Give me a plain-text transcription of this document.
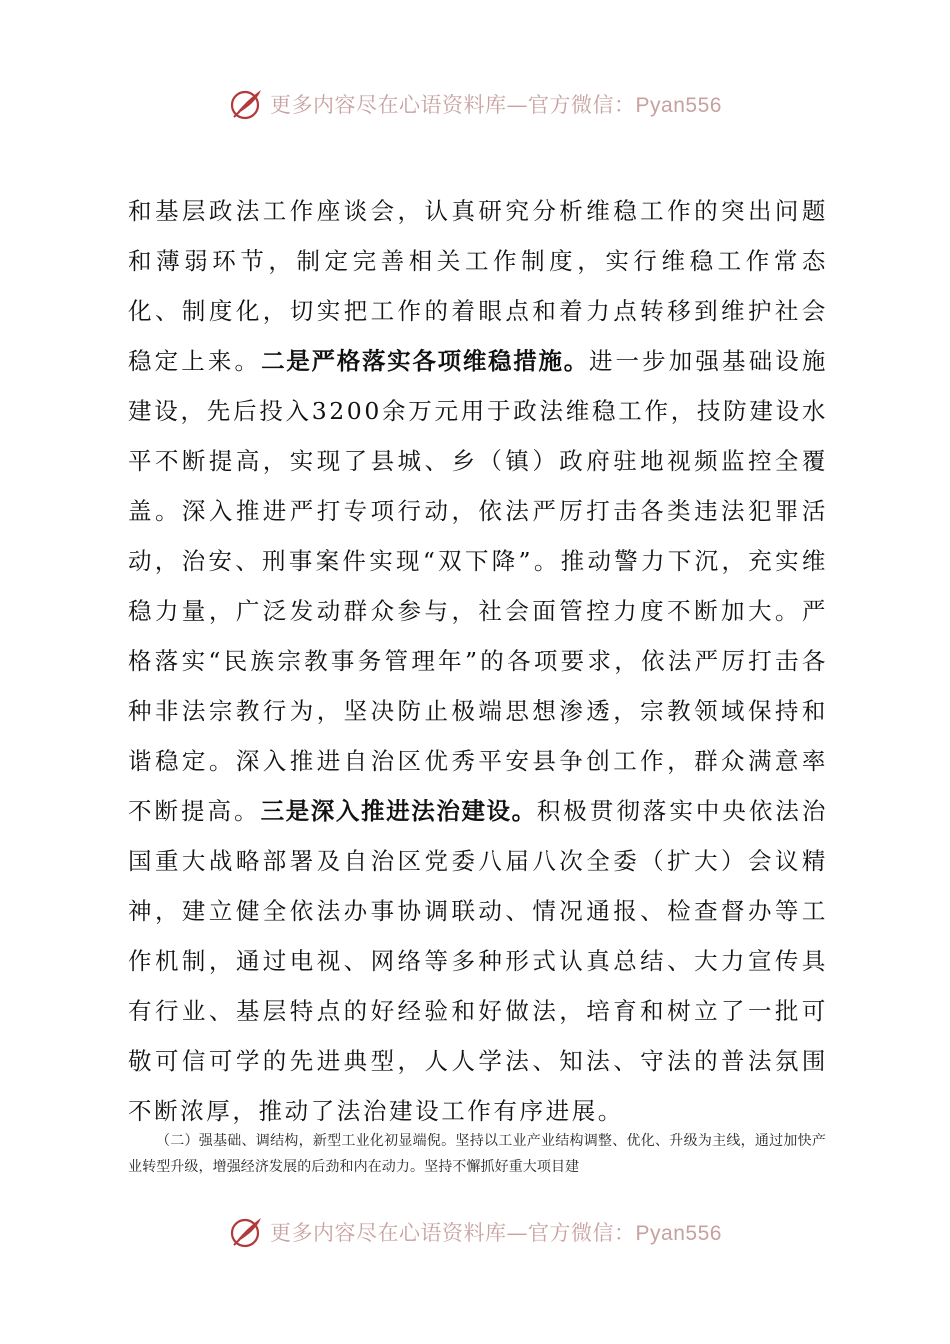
更多内容尽在心语资料库—官方微信：Pyan556
和基层政法工作座谈会，认真研究分析维稳工作的突出问题和薄弱环节，制定完善相关工作制度，实行维稳工作常态化、制度化，切实把工作的着眼点和着力点转移到维护社会稳定上来。二是严格落实各项维稳措施。进一步加强基础设施建设，先后投入3200余万元用于政法维稳工作，技防建设水平不断提高，实现了县城、乡（镇）政府驻地视频监控全覆盖。深入推进严打专项行动，依法严厉打击各类违法犯罪活动，治安、刑事案件实现“双下降”。推动警力下沉，充实维稳力量，广泛发动群众参与，社会面管控力度不断加大。严格落实“民族宗教事务管理年”的各项要求，依法严厉打击各种非法宗教行为，坚决防止极端思想渗透，宗教领域保持和谐稳定。深入推进自治区优秀平安县争创工作，群众满意率不断提高。三是深入推进法治建设。积极贯彻落实中央依法治国重大战略部署及自治区党委八届八次全委（扩大）会议精神，建立健全依法办事协调联动、情况通报、检查督办等工作机制，通过电视、网络等多种形式认真总结、大力宣传具有行业、基层特点的好经验和好做法，培育和树立了一批可敬可信可学的先进典型，人人学法、知法、守法的普法氛围不断浓厚，推动了法治建设工作有序进展。
（二）强基础、调结构，新型工业化初显端倪。坚持以工业产业结构调整、优化、升级为主线，通过加快产业转型升级，增强经济发展的后劲和内在动力。坚持不懈抓好重大项目建
更多内容尽在心语资料库—官方微信：Pyan556
